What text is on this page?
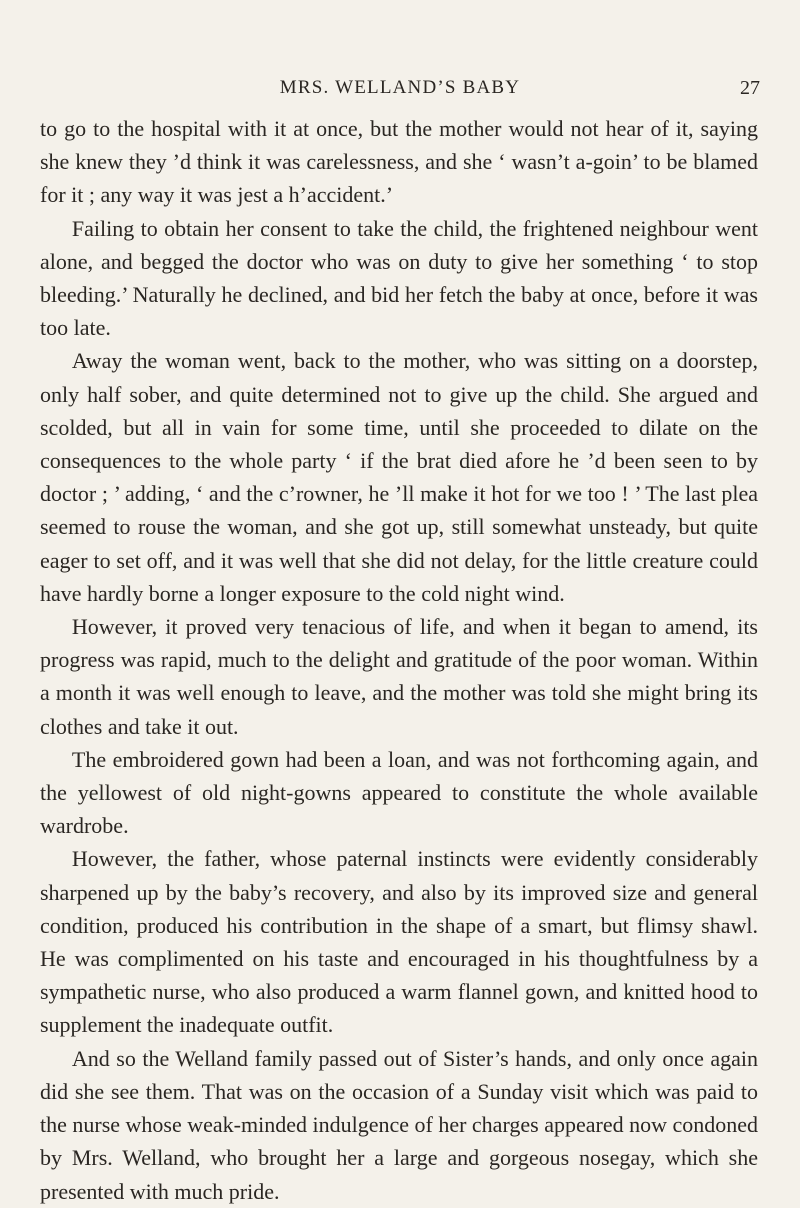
MRS. WELLAND’S BABY	27

to go to the hospital with it at once, but the mother would not hear of it, saying she knew they ’d think it was carelessness, and she ‘ wasn’t a-goin’ to be blamed for it ; any way it was jest a h’accident.’

Failing to obtain her consent to take the child, the frightened neighbour went alone, and begged the doctor who was on duty to give her something ‘ to stop bleeding.’ Naturally he declined, and bid her fetch the baby at once, before it was too late.

Away the woman went, back to the mother, who was sitting on a doorstep, only half sober, and quite determined not to give up the child. She argued and scolded, but all in vain for some time, until she proceeded to dilate on the consequences to the whole party ‘ if the brat died afore he ’d been seen to by doctor ; ’ adding, ‘ and the c’rowner, he ’ll make it hot for we too ! ’ The last plea seemed to rouse the woman, and she got up, still somewhat unsteady, but quite eager to set off, and it was well that she did not delay, for the little creature could have hardly borne a longer exposure to the cold night wind.

However, it proved very tenacious of life, and when it began to amend, its progress was rapid, much to the delight and gratitude of the poor woman. Within a month it was well enough to leave, and the mother was told she might bring its clothes and take it out.

The embroidered gown had been a loan, and was not forthcoming again, and the yellowest of old night-gowns appeared to constitute the whole available wardrobe.

However, the father, whose paternal instincts were evidently considerably sharpened up by the baby’s recovery, and also by its improved size and general condition, produced his contribution in the shape of a smart, but flimsy shawl. He was complimented on his taste and encouraged in his thoughtfulness by a sympathetic nurse, who also produced a warm flannel gown, and knitted hood to supplement the inadequate outfit.

And so the Welland family passed out of Sister’s hands, and only once again did she see them. That was on the occasion of a Sunday visit which was paid to the nurse whose weak-minded indulgence of her charges appeared now condoned by Mrs. Welland, who brought her a large and gorgeous nosegay, which she presented with much pride.
